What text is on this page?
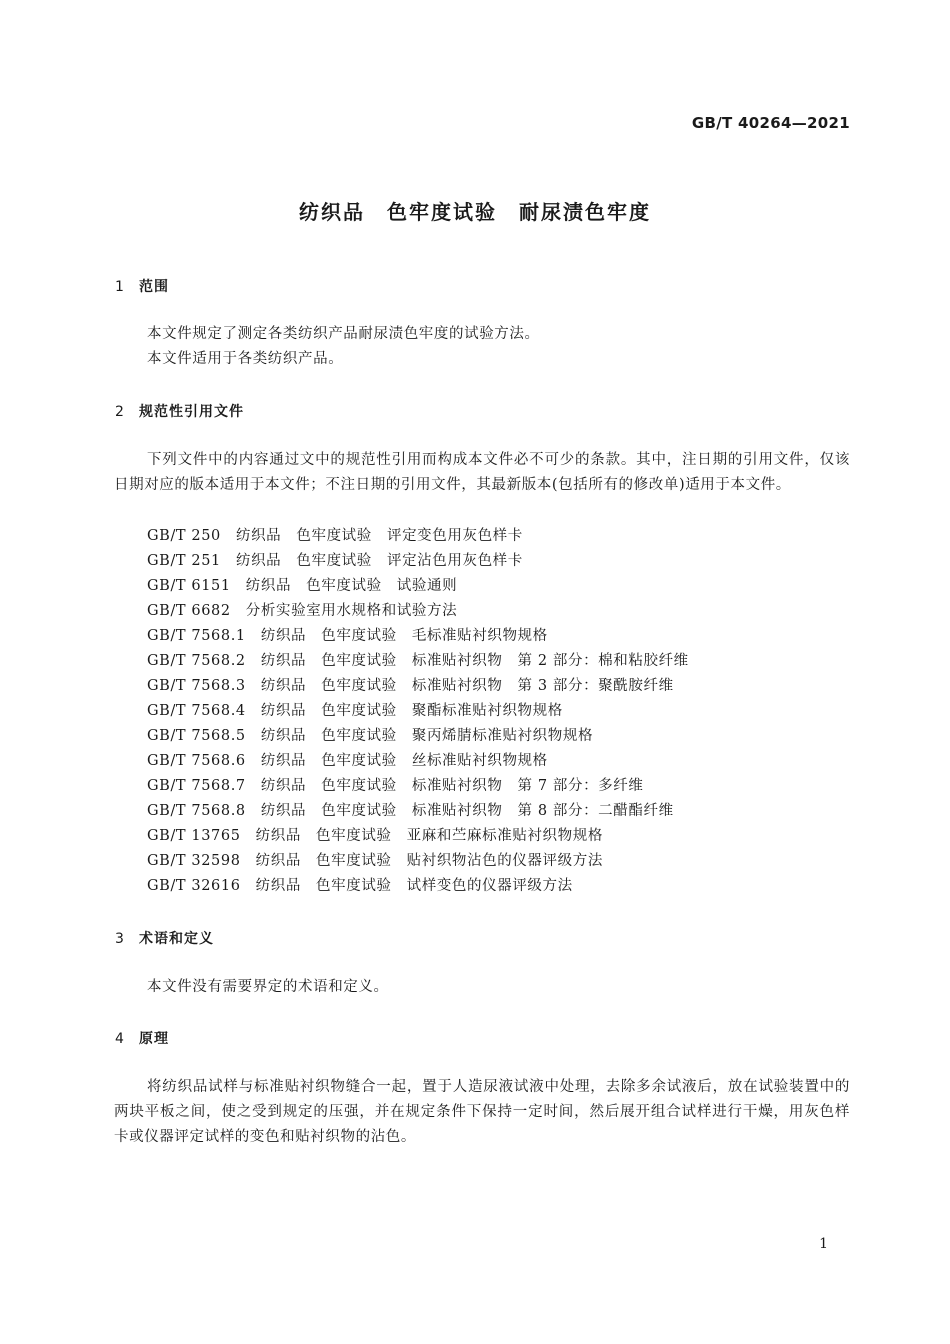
GB/T 40264—2021
纺织品　色牢度试验　耐尿渍色牢度
1 范围
本文件规定了测定各类纺织产品耐尿渍色牢度的试验方法。
本文件适用于各类纺织产品。
2 规范性引用文件
下列文件中的内容通过文中的规范性引用而构成本文件必不可少的条款。其中，注日期的引用文件，仅该日期对应的版本适用于本文件；不注日期的引用文件，其最新版本(包括所有的修改单)适用于本文件。
GB/T 250　纺织品　色牢度试验　评定变色用灰色样卡
GB/T 251　纺织品　色牢度试验　评定沾色用灰色样卡
GB/T 6151　纺织品　色牢度试验　试验通则
GB/T 6682　分析实验室用水规格和试验方法
GB/T 7568.1　纺织品　色牢度试验　毛标准贴衬织物规格
GB/T 7568.2　纺织品　色牢度试验　标准贴衬织物　第 2 部分：棉和粘胶纤维
GB/T 7568.3　纺织品　色牢度试验　标准贴衬织物　第 3 部分：聚酰胺纤维
GB/T 7568.4　纺织品　色牢度试验　聚酯标准贴衬织物规格
GB/T 7568.5　纺织品　色牢度试验　聚丙烯腈标准贴衬织物规格
GB/T 7568.6　纺织品　色牢度试验　丝标准贴衬织物规格
GB/T 7568.7　纺织品　色牢度试验　标准贴衬织物　第 7 部分：多纤维
GB/T 7568.8　纺织品　色牢度试验　标准贴衬织物　第 8 部分：二醋酯纤维
GB/T 13765　纺织品　色牢度试验　亚麻和苎麻标准贴衬织物规格
GB/T 32598　纺织品　色牢度试验　贴衬织物沾色的仪器评级方法
GB/T 32616　纺织品　色牢度试验　试样变色的仪器评级方法
3 术语和定义
本文件没有需要界定的术语和定义。
4 原理
将纺织品试样与标准贴衬织物缝合一起，置于人造尿液试液中处理，去除多余试液后，放在试验装置中的两块平板之间，使之受到规定的压强，并在规定条件下保持一定时间，然后展开组合试样进行干燥，用灰色样卡或仪器评定试样的变色和贴衬织物的沾色。
1
